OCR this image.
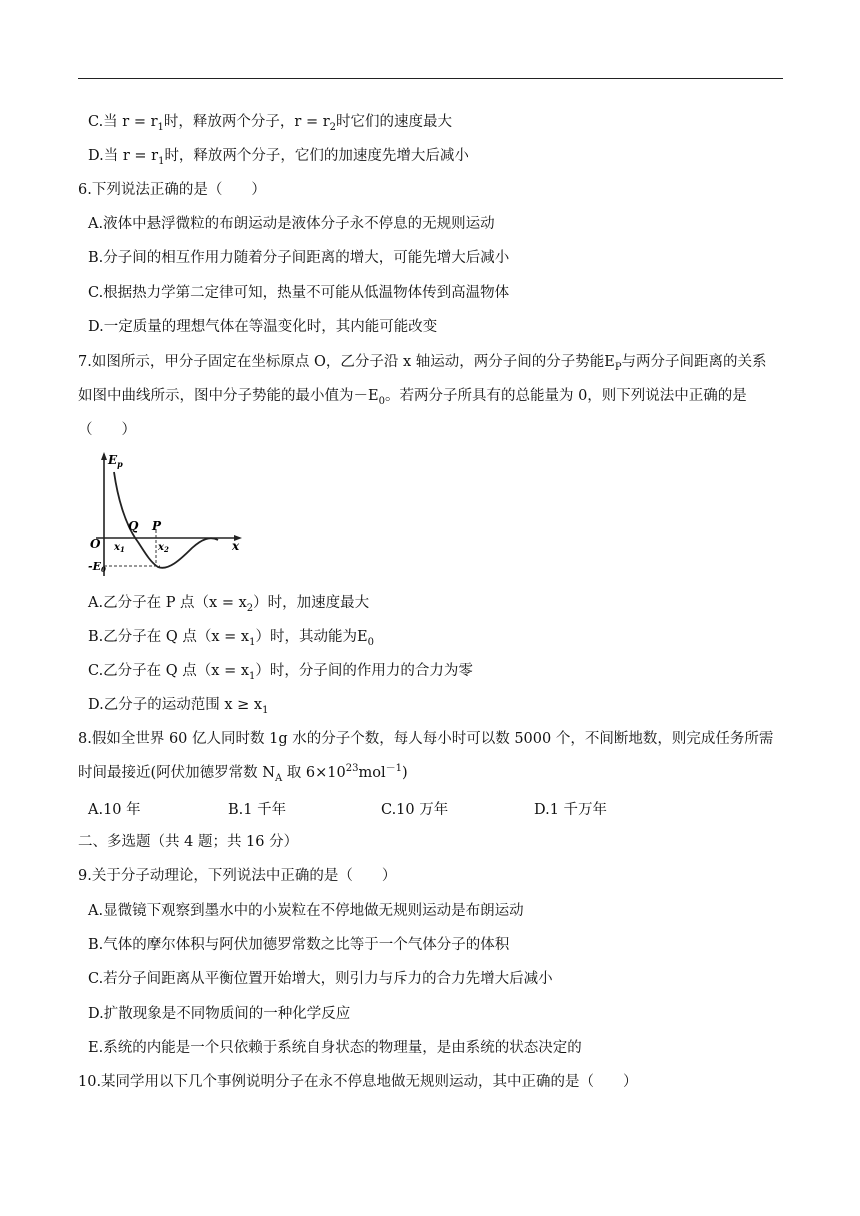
C.当 $r = r_1$时，释放两个分子，$r = r_2$时它们的速度最大
D.当 $r = r_1$时，释放两个分子，它们的加速度先增大后减小
6.下列说法正确的是（　　）
A.液体中悬浮微粒的布朗运动是液体分子永不停息的无规则运动
B.分子间的相互作用力随着分子间距离的增大，可能先增大后减小
C.根据热力学第二定律可知，热量不可能从低温物体传到高温物体
D.一定质量的理想气体在等温变化时，其内能可能改变
7.如图所示，甲分子固定在坐标原点 O，乙分子沿 x 轴运动，两分子间的分子势能$E_P$与两分子间距离的关系
如图中曲线所示，图中分子势能的最小值为$-E_0$。若两分子所具有的总能量为 0，则下列说法中正确的是
（　　）
$E_p$
O
Q P
$x_1$	$x_2$	x
-E0
A.乙分子在 P 点$(x = x_2)$时，加速度最大
B.乙分子在 Q 点$(x = x_1)$时，其动能为$E_0$
C.乙分子在 Q 点$(x = x_1)$时，分子间的作用力的合力为零
D.乙分子的运动范围 $x \ge x_1$
8.假如全世界 60 亿人同时数 1g 水的分子个数，每人每小时可以数 5000 个，不间断地数，则完成任务所需
时间最接近(阿伏加德罗常数 $N_A$ 取 $6\times 10^{23}mol^{-1}$)
A.10 年	B.1 千年	C.10 万年	D.1 千万年
二、多选题（共 4 题；共 16 分）
9.关于分子动理论，下列说法中正确的是（　　）
A.显微镜下观察到墨水中的小炭粒在不停地做无规则运动是布朗运动
B.气体的摩尔体积与阿伏加德罗常数之比等于一个气体分子的体积
C.若分子间距离从平衡位置开始增大，则引力与斥力的合力先增大后减小
D.扩散现象是不同物质间的一种化学反应
E.系统的内能是一个只依赖于系统自身状态的物理量，是由系统的状态决定的
10.某同学用以下几个事例说明分子在永不停息地做无规则运动，其中正确的是（　　）
